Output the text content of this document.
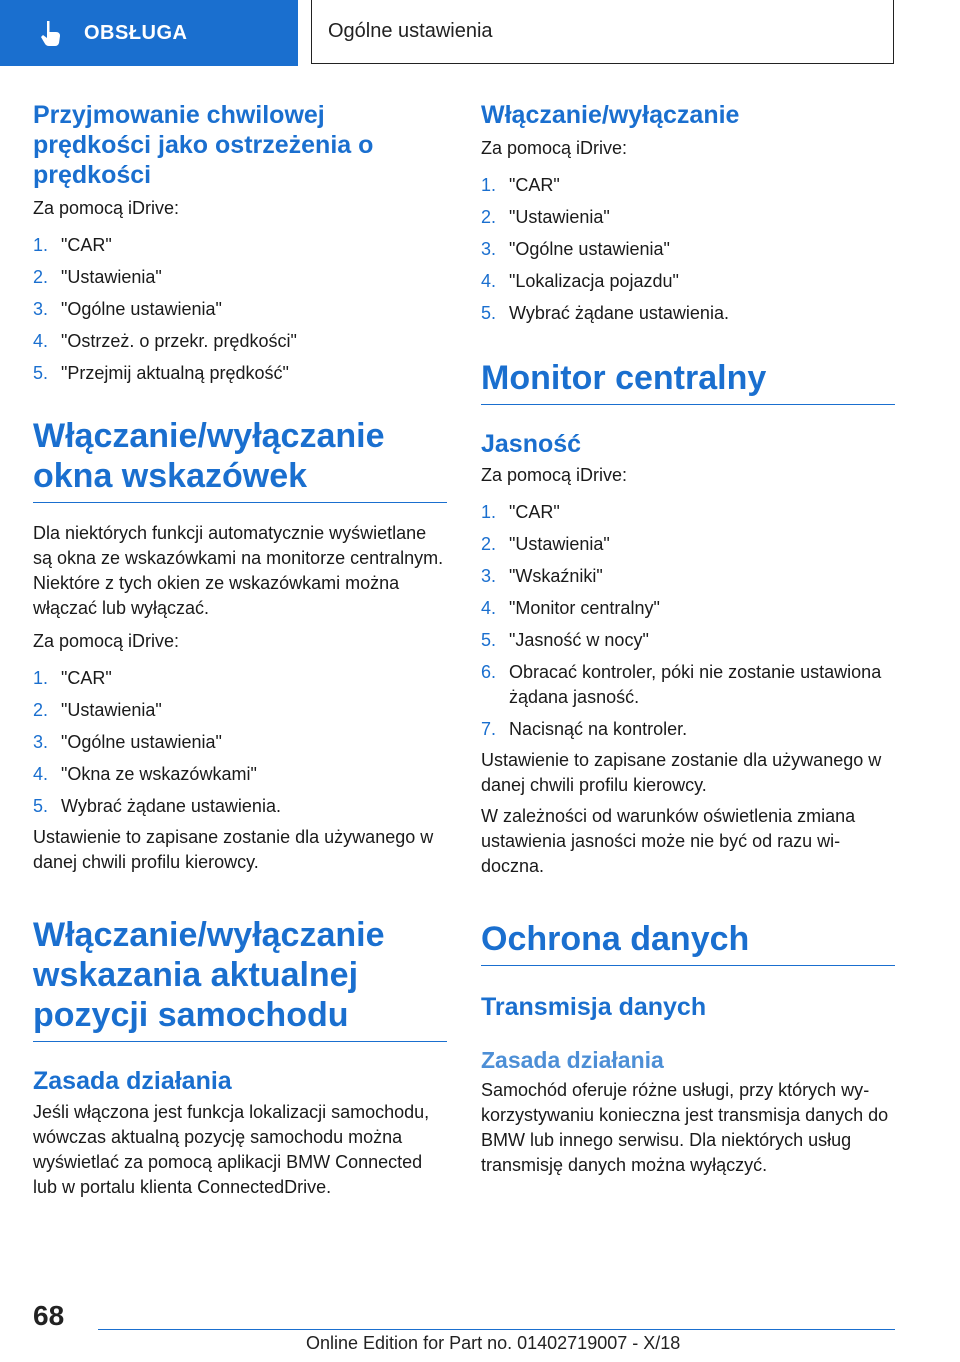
OBSŁUGA	Ogólne ustawienia
Przyjmowanie chwilowej prędkości jako ostrzeżenia o prędkości

Za pomocą iDrive:

1. "CAR"
2. "Ustawienia"
3. "Ogólne ustawienia"
4. "Ostrzeż. o przekr. prędkości"
5. "Przejmij aktualną prędkość"
Włączanie/wyłączanie okna wskazówek

Dla niektórych funkcji automatycznie wyświetlane są okna ze wskazówkami na monitorze centralnym. Niektóre z tych okien ze wskazówkami można włączać lub wyłączać.

Za pomocą iDrive:

1. "CAR"
2. "Ustawienia"
3. "Ogólne ustawienia"
4. "Okna ze wskazówkami"
5. Wybrać żądane ustawienia.

Ustawienie to zapisane zostanie dla używanego w danej chwili profilu kierowcy.

Włączanie/wyłączanie wskazania aktualnej pozycji samochodu
Zasada działania

Jeśli włączona jest funkcja lokalizacji samochodu, wówczas aktualną pozycję samochodu można wyświetlać za pomocą aplikacji BMW Connected lub w portalu klienta ConnectedDrive.

Włączanie/wyłączanie

Za pomocą iDrive:

1. "CAR"
2. "Ustawienia"
3. "Ogólne ustawienia"
4. "Lokalizacja pojazdu"
5. Wybrać żądane ustawienia.
Monitor centralny
Jasność

Za pomocą iDrive:

1. "CAR"
2. "Ustawienia"
3. "Wskaźniki"
4. "Monitor centralny"
5. "Jasność w nocy"
6. Obracać kontroler, póki nie zostanie ustawiona żądana jasność.
7. Nacisnąć na kontroler.

Ustawienie to zapisane zostanie dla używanego w danej chwili profilu kierowcy.

W zależności od warunków oświetlenia zmiana ustawienia jasności może nie być od razu widoczna.

Ochrona danych
Transmisja danych
Zasada działania

Samochód oferuje różne usługi, przy których wykorzystywaniu konieczna jest transmisja danych do BMW lub innego serwisu. Dla niektórych usług transmisję danych można wyłączyć.

68
Online Edition for Part no. 01402719007 - X/18
